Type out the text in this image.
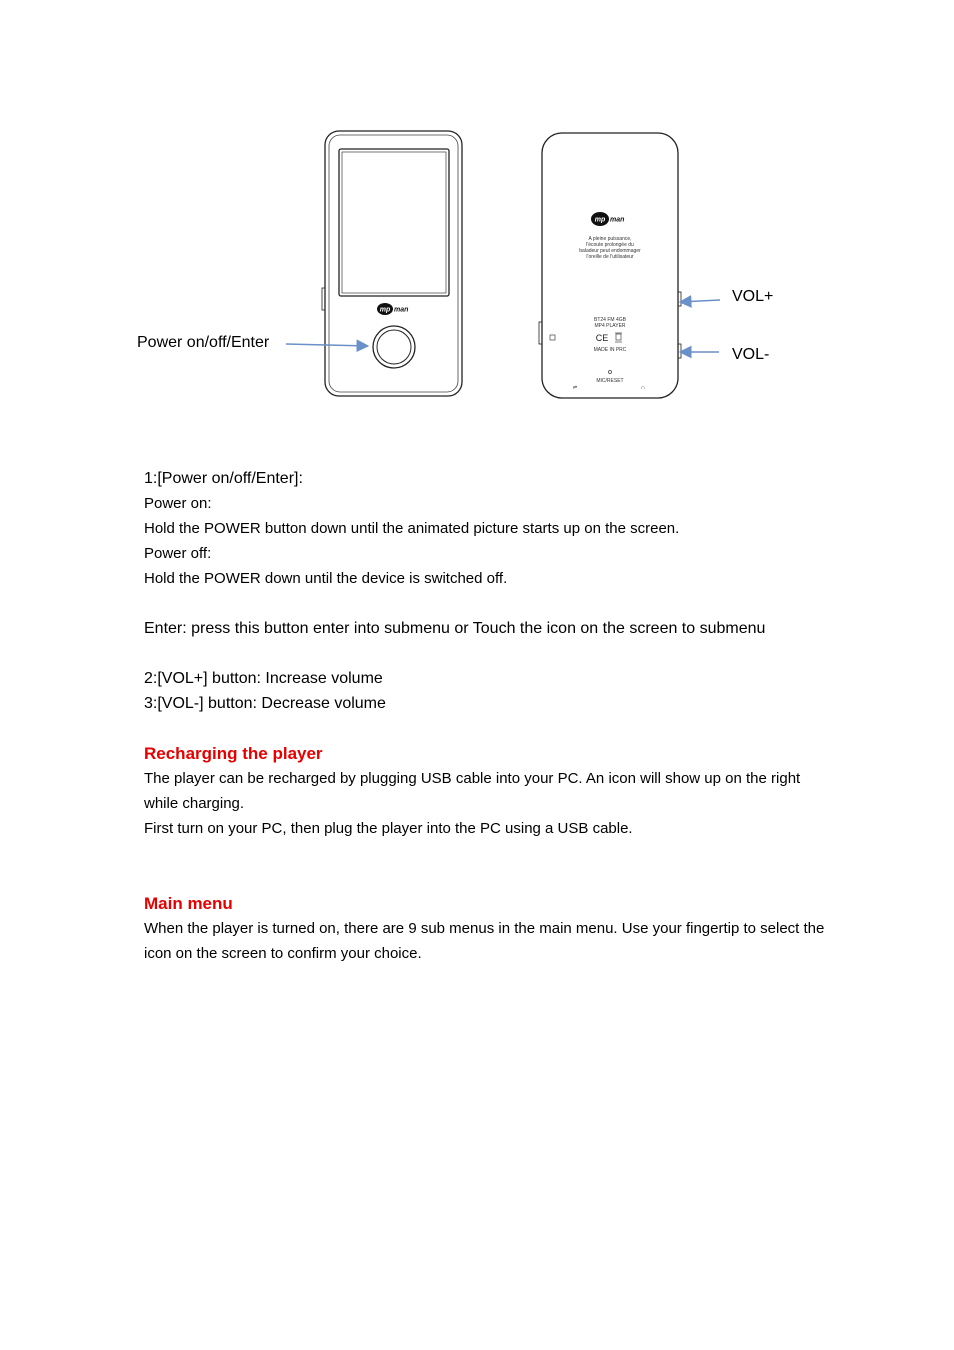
mp man
mp man
A pleine puissance,
l'écoute prolongée du
baladeur peut endommager
l'oreille de l'utilisateur
BT24 FM 4GB
MP4 PLAYER
MADE IN PRC
MIC/RESET
CE
⇌	∩
Power on/off/Enter
VOL+
VOL-
1:[Power on/off/Enter]:
Power on:
Hold the POWER button down until the animated picture starts up on the screen.
Power off:
Hold the POWER down until the device is switched off.
Enter: press this button enter into submenu or Touch the icon on the screen to submenu
2:[VOL+] button: Increase volume
3:[VOL-] button: Decrease volume
Recharging the player
The player can be recharged by plugging USB cable into your PC. An icon will show up on the right while charging.
First turn on your PC, then plug the player into the PC using a USB cable.
Main menu
When the player is turned on, there are 9 sub menus in the main menu. Use your fingertip to select the icon on the screen to confirm your choice.
